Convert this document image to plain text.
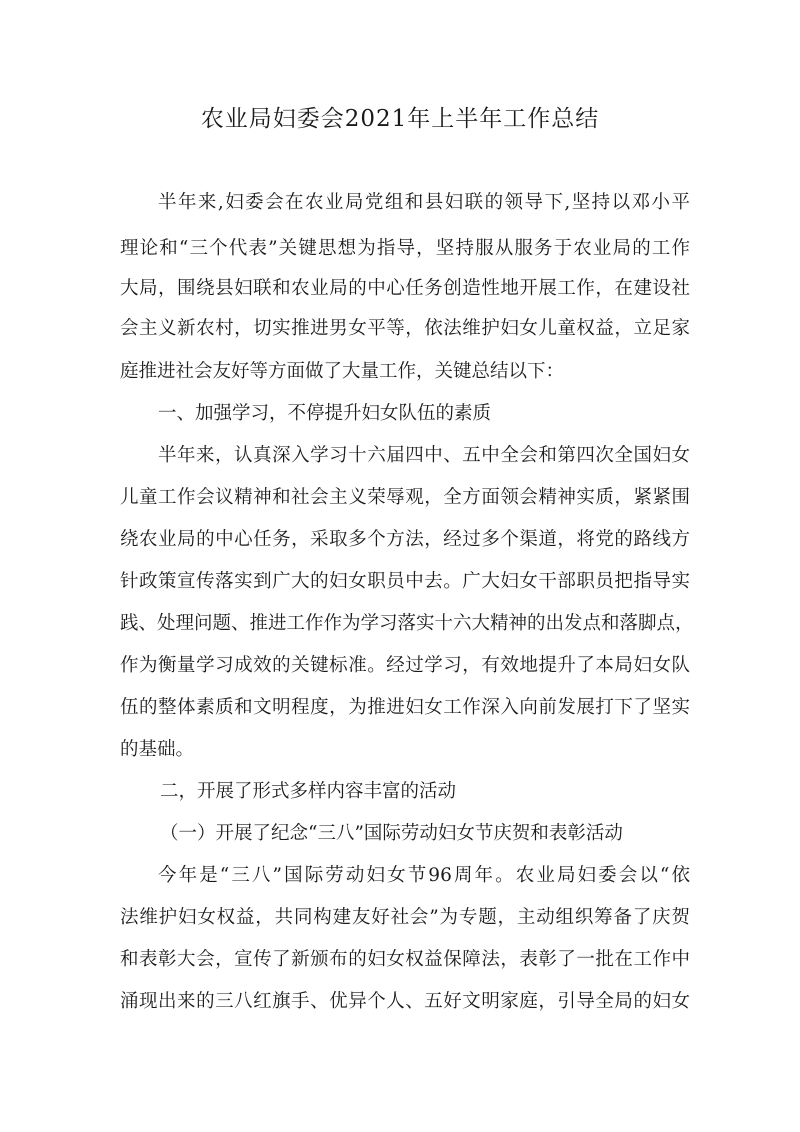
农业局妇委会2021年上半年工作总结

半年来,妇委会在农业局党组和县妇联的领导下,坚持以邓小平

理论和“三个代表”关键思想为指导，坚持服从服务于农业局的工作

大局，围绕县妇联和农业局的中心任务创造性地开展工作，在建设社

会主义新农村，切实推进男女平等，依法维护妇女儿童权益，立足家

庭推进社会友好等方面做了大量工作，关键总结以下：

一、加强学习，不停提升妇女队伍的素质

半年来，认真深入学习十六届四中、五中全会和第四次全国妇女

儿童工作会议精神和社会主义荣辱观，全方面领会精神实质，紧紧围

绕农业局的中心任务，采取多个方法，经过多个渠道，将党的路线方

针政策宣传落实到广大的妇女职员中去。广大妇女干部职员把指导实

践、处理问题、推进工作作为学习落实十六大精神的出发点和落脚点，

作为衡量学习成效的关键标准。经过学习，有效地提升了本局妇女队

伍的整体素质和文明程度，为推进妇女工作深入向前发展打下了坚实

的基础。

二，开展了形式多样内容丰富的活动

（一）开展了纪念“三八”国际劳动妇女节庆贺和表彰活动

今年是“三八”国际劳动妇女节96周年。农业局妇委会以“依

法维护妇女权益，共同构建友好社会”为专题，主动组织筹备了庆贺

和表彰大会，宣传了新颁布的妇女权益保障法，表彰了一批在工作中

涌现出来的三八红旗手、优异个人、五好文明家庭，引导全局的妇女
